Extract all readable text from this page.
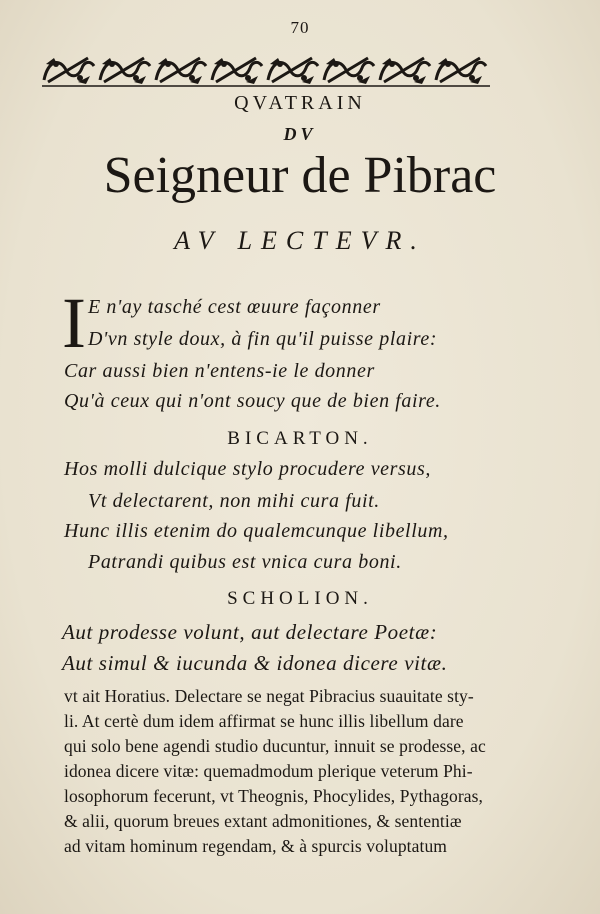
70
QVATRAIN
DV
Seigneur de Pibrac
AV LECTEVR.
I E n'ay tasché cest œuure façonner
D'vn style doux, à fin qu'il puisse plaire:
Car aussi bien n'entens-ie le donner
Qu'à ceux qui n'ont soucy que de bien faire.
BICARTON.
Hos molli dulcique stylo procudere versus,
Vt delectarent, non mihi cura fuit.
Hunc illis etenim do qualemcunque libellum,
Patrandi quibus est vnica cura boni.
SCHOLION.
Aut prodesse volunt, aut delectare Poetæ:
Aut simul & iucunda & idonea dicere vitæ.
vt ait Horatius. Delectare se negat Pibracius suauitate sty-
li. At certè dum idem affirmat se hunc illis libellum dare
qui solo bene agendi studio ducuntur, innuit se prodesse, ac
idonea dicere vitæ: quemadmodum plerique veterum Phi-
losophorum fecerunt, vt Theognis, Phocylides, Pythagoras,
& alii, quorum breues extant admonitiones, & sententiæ
ad vitam hominum regendam, & à spurcis voluptatum
